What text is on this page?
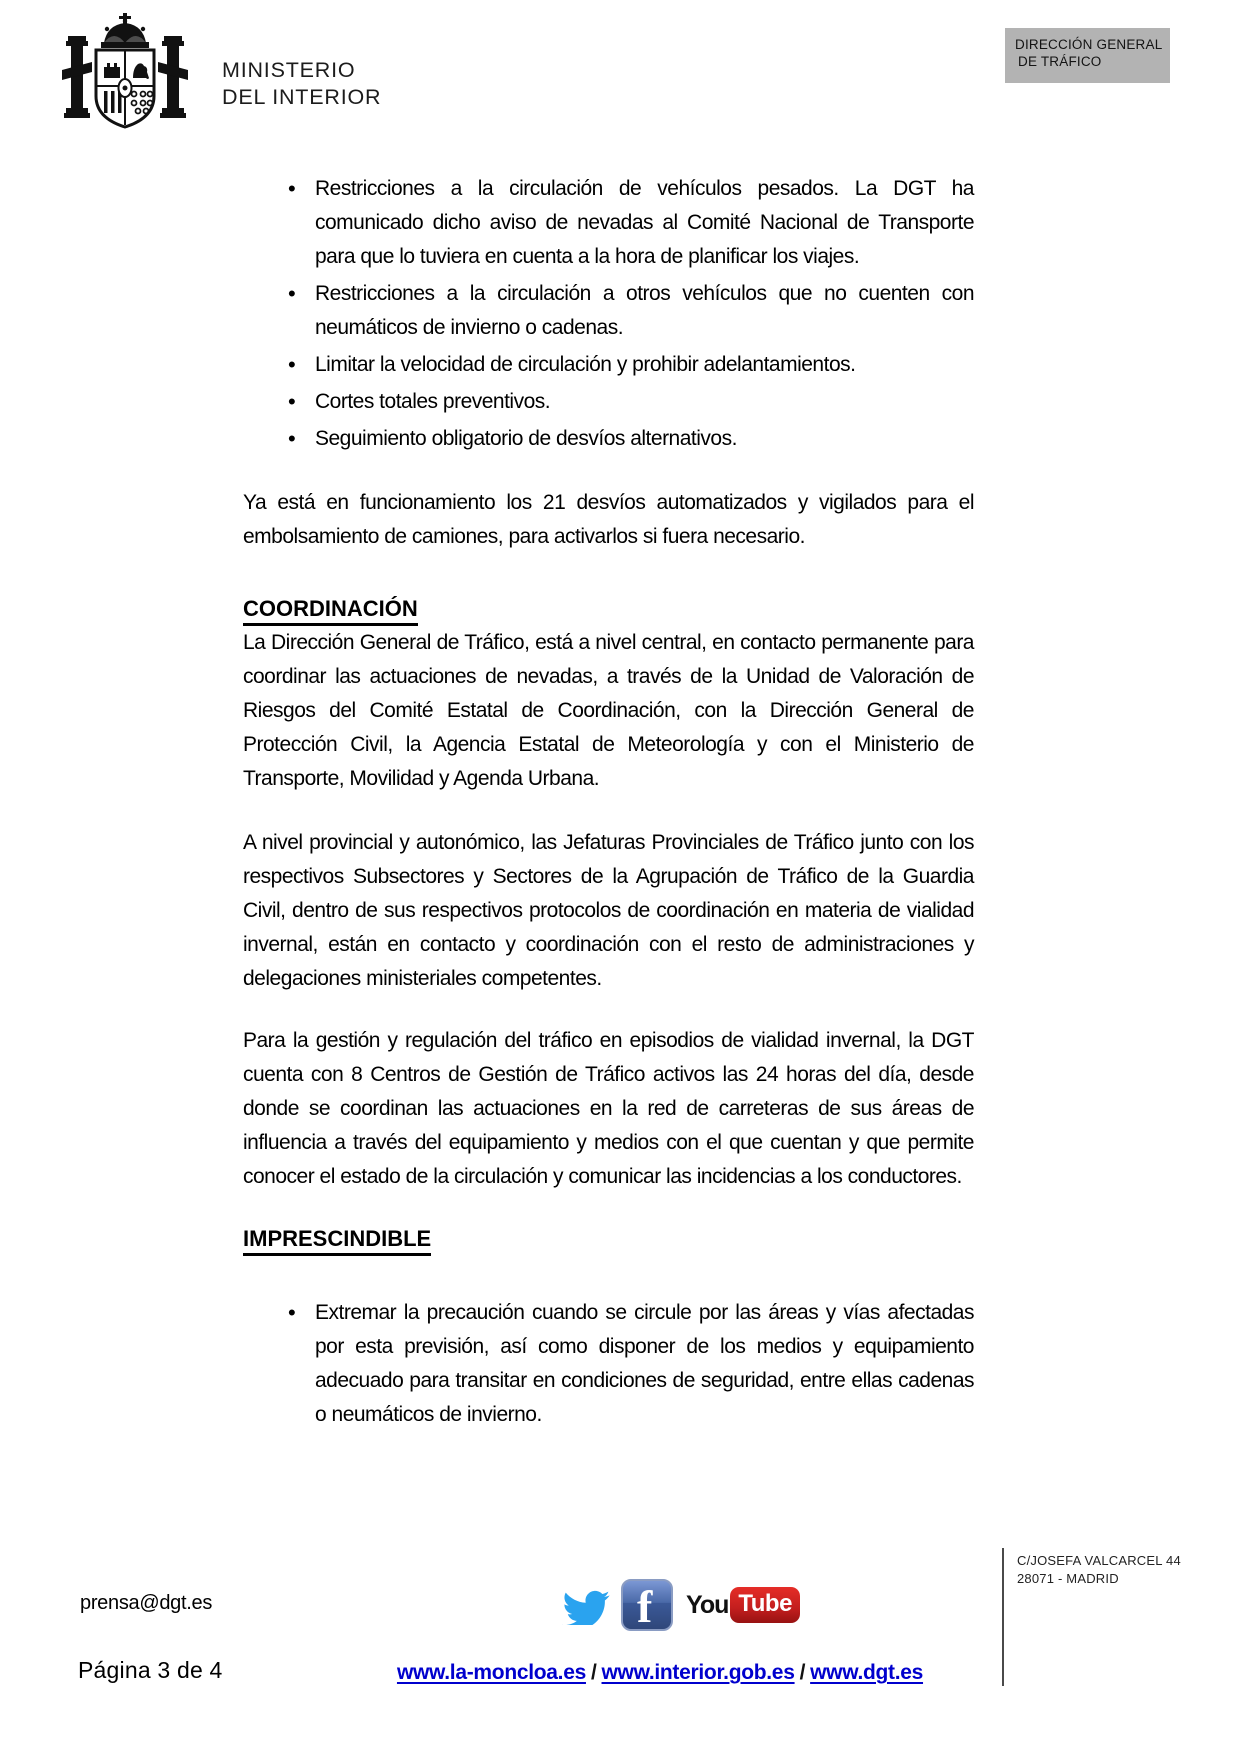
MINISTERIO
DEL INTERIOR
DIRECCIÓN GENERAL
DE TRÁFICO
• Restricciones a la circulación de vehículos pesados. La DGT ha comunicado dicho aviso de nevadas al Comité Nacional de Transporte para que lo tuviera en cuenta a la hora de planificar los viajes.
• Restricciones a la circulación a otros vehículos que no cuenten con neumáticos de invierno o cadenas.
• Limitar la velocidad de circulación y prohibir adelantamientos.
• Cortes totales preventivos.
• Seguimiento obligatorio de desvíos alternativos.

Ya está en funcionamiento los 21 desvíos automatizados y vigilados para el embolsamiento de camiones, para activarlos si fuera necesario.

COORDINACIÓN

La Dirección General de Tráfico, está a nivel central, en contacto permanente para coordinar las actuaciones de nevadas, a través de la Unidad de Valoración de Riesgos del Comité Estatal de Coordinación, con la Dirección General de Protección Civil, la Agencia Estatal de Meteorología y con el Ministerio de Transporte, Movilidad y Agenda Urbana.

A nivel provincial y autonómico, las Jefaturas Provinciales de Tráfico junto con los respectivos Subsectores y Sectores de la Agrupación de Tráfico de la Guardia Civil, dentro de sus respectivos protocolos de coordinación en materia de vialidad invernal, están en contacto y coordinación con el resto de administraciones y delegaciones ministeriales competentes.

Para la gestión y regulación del tráfico en episodios de vialidad invernal, la DGT cuenta con 8 Centros de Gestión de Tráfico activos las 24 horas del día, desde donde se coordinan las actuaciones en la red de carreteras de sus áreas de influencia a través del equipamiento y medios con el que cuentan y que permite conocer el estado de la circulación y comunicar las incidencias a los conductores.

IMPRESCINDIBLE
• Extremar la precaución cuando se circule por las áreas y vías afectadas por esta previsión, así como disponer de los medios y equipamiento adecuado para transitar en condiciones de seguridad, entre ellas cadenas o neumáticos de invierno.
prensa@dgt.es
Página 3 de 4
f You Tube
C/JOSEFA VALCARCEL 44
28071 - MADRID
www.la-moncloa.es / www.interior.gob.es / www.dgt.es
